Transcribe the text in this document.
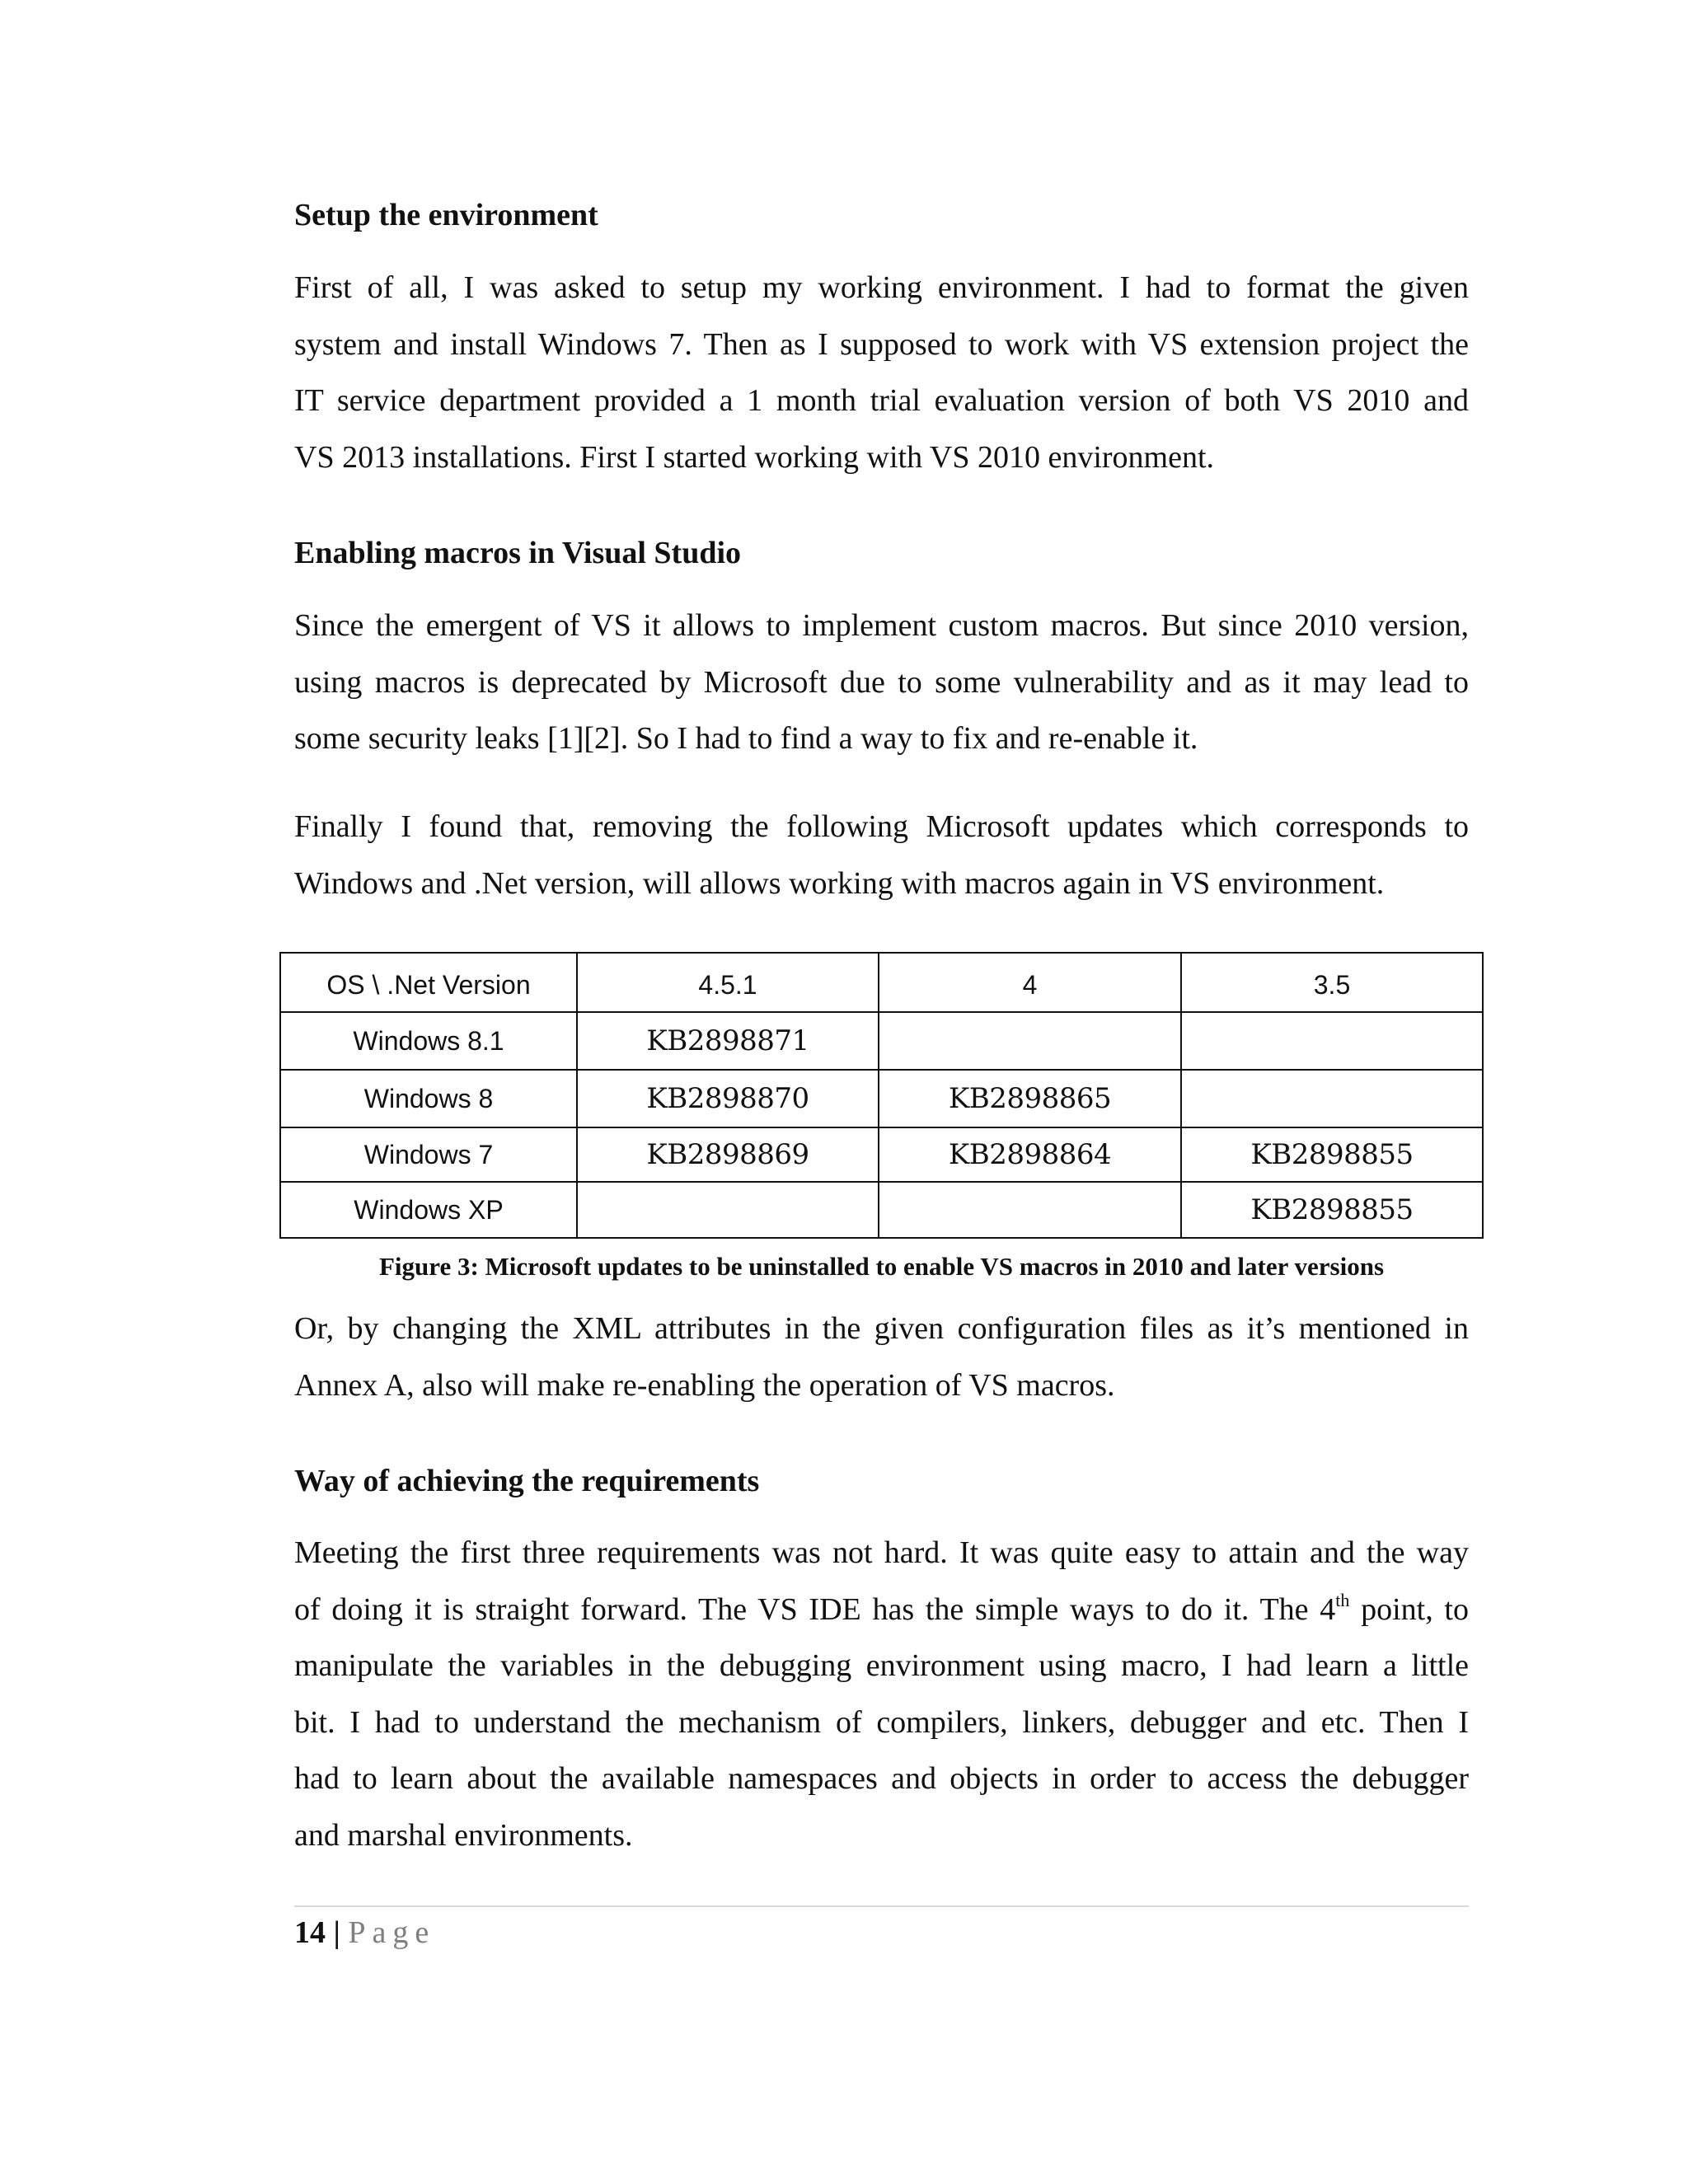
Setup the environment

First of all, I was asked to setup my working environment. I had to format the given
system and install Windows 7. Then as I supposed to work with VS extension project the
IT service department provided a 1 month trial evaluation version of both VS 2010 and
VS 2013 installations. First I started working with VS 2010 environment.

Enabling macros in Visual Studio

Since the emergent of VS it allows to implement custom macros. But since 2010 version,
using macros is deprecated by Microsoft due to some vulnerability and as it may lead to
some security leaks [1][2]. So I had to find a way to fix and re-enable it.

Finally I found that, removing the following Microsoft updates which corresponds to
Windows and .Net version, will allows working with macros again in VS environment.

OS \ .Net Version	4.5.1	4	3.5
Windows 8.1	KB2898871		
Windows 8	KB2898870	KB2898865	
Windows 7	KB2898869	KB2898864	KB2898855
Windows XP			KB2898855
Figure 3: Microsoft updates to be uninstalled to enable VS macros in 2010 and later versions

Or, by changing the XML attributes in the given configuration files as it’s mentioned in
Annex A, also will make re-enabling the operation of VS macros.

Way of achieving the requirements

Meeting the first three requirements was not hard. It was quite easy to attain and the way
of doing it is straight forward. The VS IDE has the simple ways to do it. The 4th point, to
manipulate the variables in the debugging environment using macro, I had learn a little
bit. I had to understand the mechanism of compilers, linkers, debugger and etc. Then I
had to learn about the available namespaces and objects in order to access the debugger
and marshal environments.

14 | Page
